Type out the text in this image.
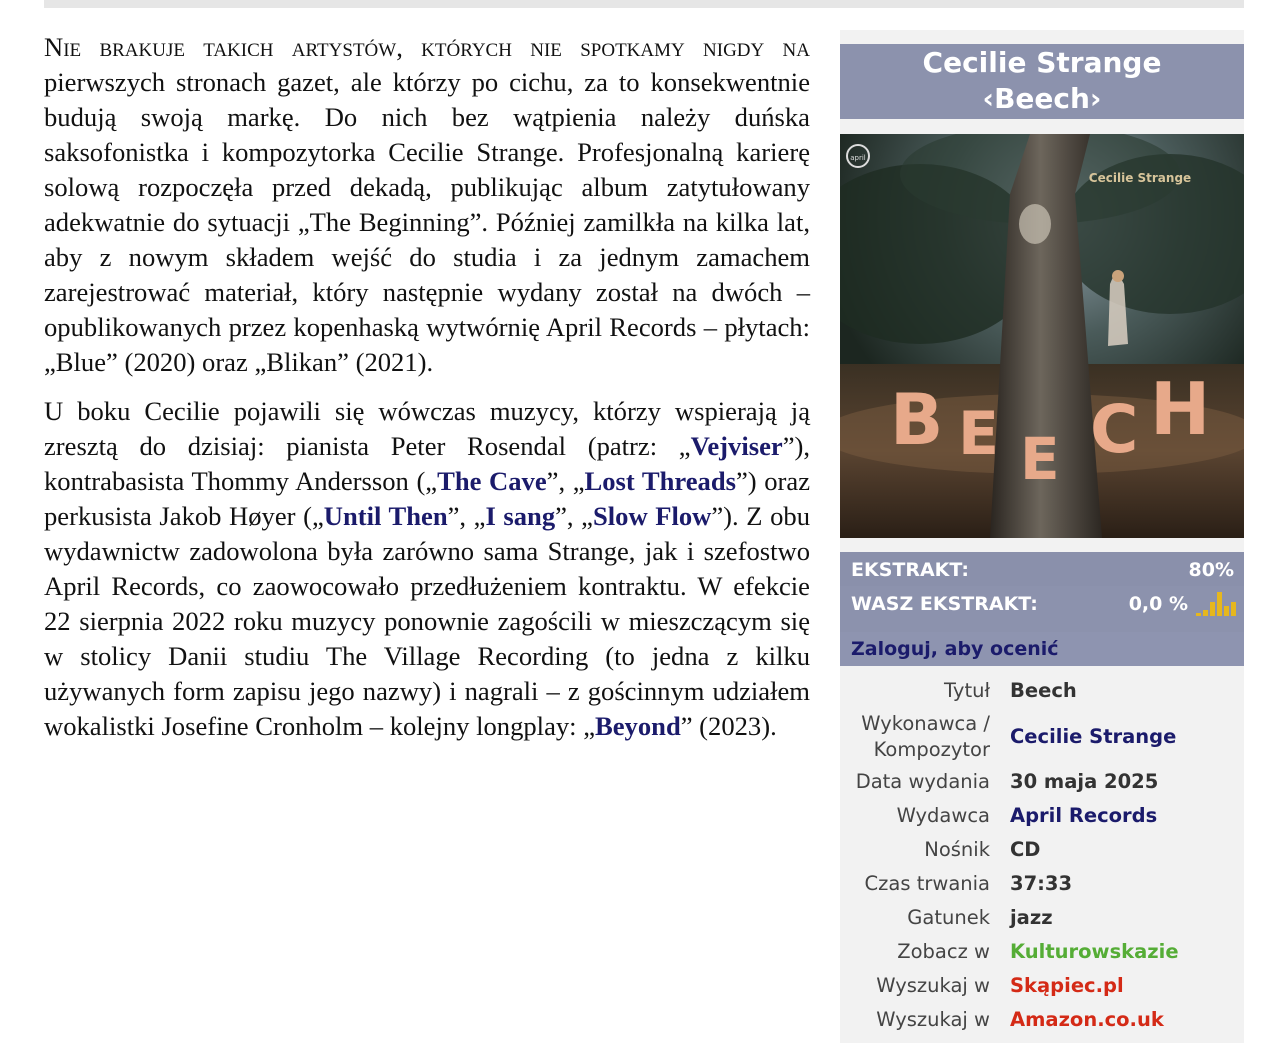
Nie brakuje takich artystów, których nie spotkamy nigdy na pierwszych stronach gazet, ale którzy po cichu, za to konsekwentnie budują swoją markę. Do nich bez wątpienia należy duńska saksofonistka i kompozytorka Cecilie Strange. Profesjonalną karierę solową rozpoczęła przed dekadą, publikując album zatytułowany adekwatnie do sytuacji „The Beginning”. Później zamilkła na kilka lat, aby z nowym składem wejść do studia i za jednym zamachem zarejestrować materiał, który następnie wydany został na dwóch – opublikowanych przez kopenhaską wytwórnię April Records – płytach: „Blue” (2020) oraz „Blikan” (2021).

U boku Cecilie pojawili się wówczas muzycy, którzy wspierają ją zresztą do dzisiaj: pianista Peter Rosendal (patrz: „Vejviser”), kontrabasista Thommy Andersson („The Cave”, „Lost Threads”) oraz perkusista Jakob Høyer („Until Then”, „I sang”, „Slow Flow”). Z obu wydawnictw zadowolona była zarówno sama Strange, jak i szefostwo April Records, co zaowocowało przedłużeniem kontraktu. W efekcie 22 sierpnia 2022 roku muzycy ponownie zagościli w mieszczącym się w stolicy Danii studiu The Village Recording (to jedna z kilku używanych form zapisu jego nazwy) i nagrali – z gościnnym udziałem wokalistki Josefine Cronholm – kolejny longplay: „Beyond” (2023).

Cecilie Strange
‹Beech›
april
Cecilie Strange
B E E C H
EKSTRAKT:	80%
WASZ EKSTRAKT:	0,0 %
Zaloguj, aby ocenić
Tytuł Beech
Wykonawca /
Kompozytor
Cecilie Strange
Data wydania 30 maja 2025
Wydawca April Records
Nośnik CD
Czas trwania 37:33
Gatunek jazz
Zobacz w Kulturowskazie
Wyszukaj w Skąpiec.pl
Wyszukaj w Amazon.co.uk
